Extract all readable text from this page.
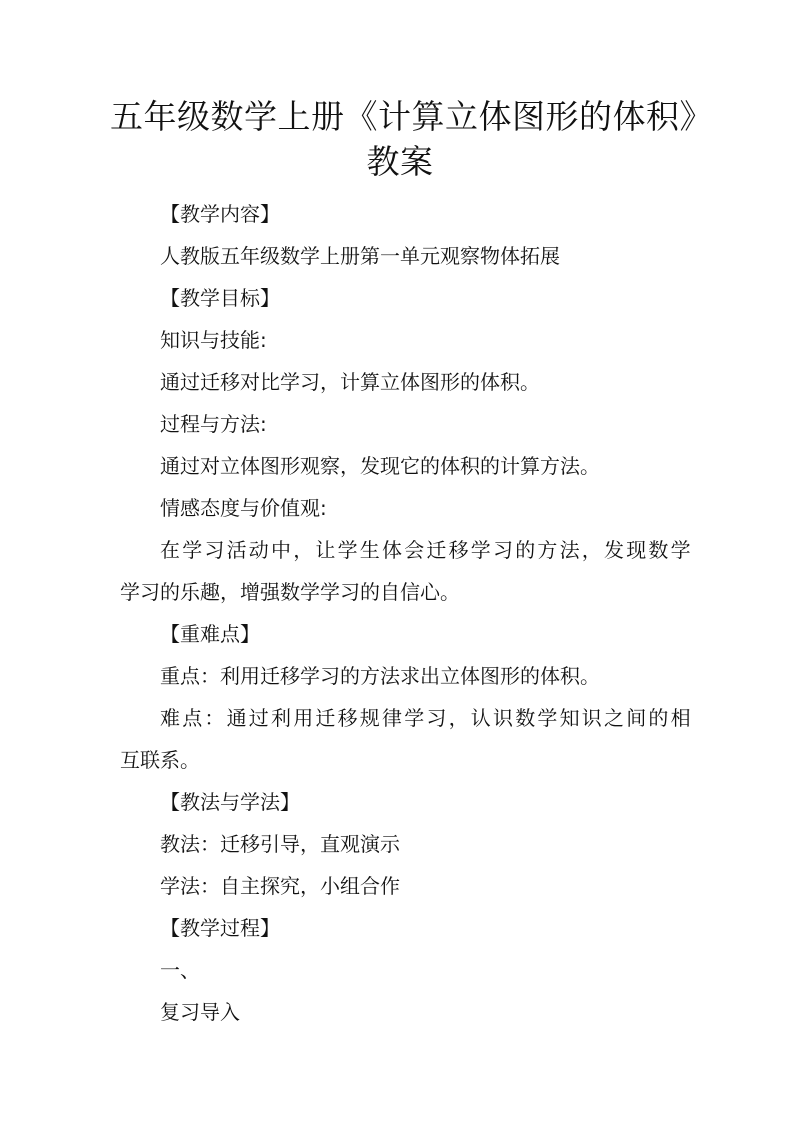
五年级数学上册《计算立体图形的体积》
教案
【教学内容】
人教版五年级数学上册第一单元观察物体拓展
【教学目标】
知识与技能:
通过迁移对比学习，计算立体图形的体积。
过程与方法:
通过对立体图形观察，发现它的体积的计算方法。
情感态度与价值观:
在学习活动中，让学生体会迁移学习的方法，发现数学
学习的乐趣，增强数学学习的自信心。
【重难点】
重点：利用迁移学习的方法求出立体图形的体积。
难点：通过利用迁移规律学习，认识数学知识之间的相
互联系。
【教法与学法】
教法：迁移引导，直观演示
学法：自主探究，小组合作
【教学过程】
一、
复习导入
